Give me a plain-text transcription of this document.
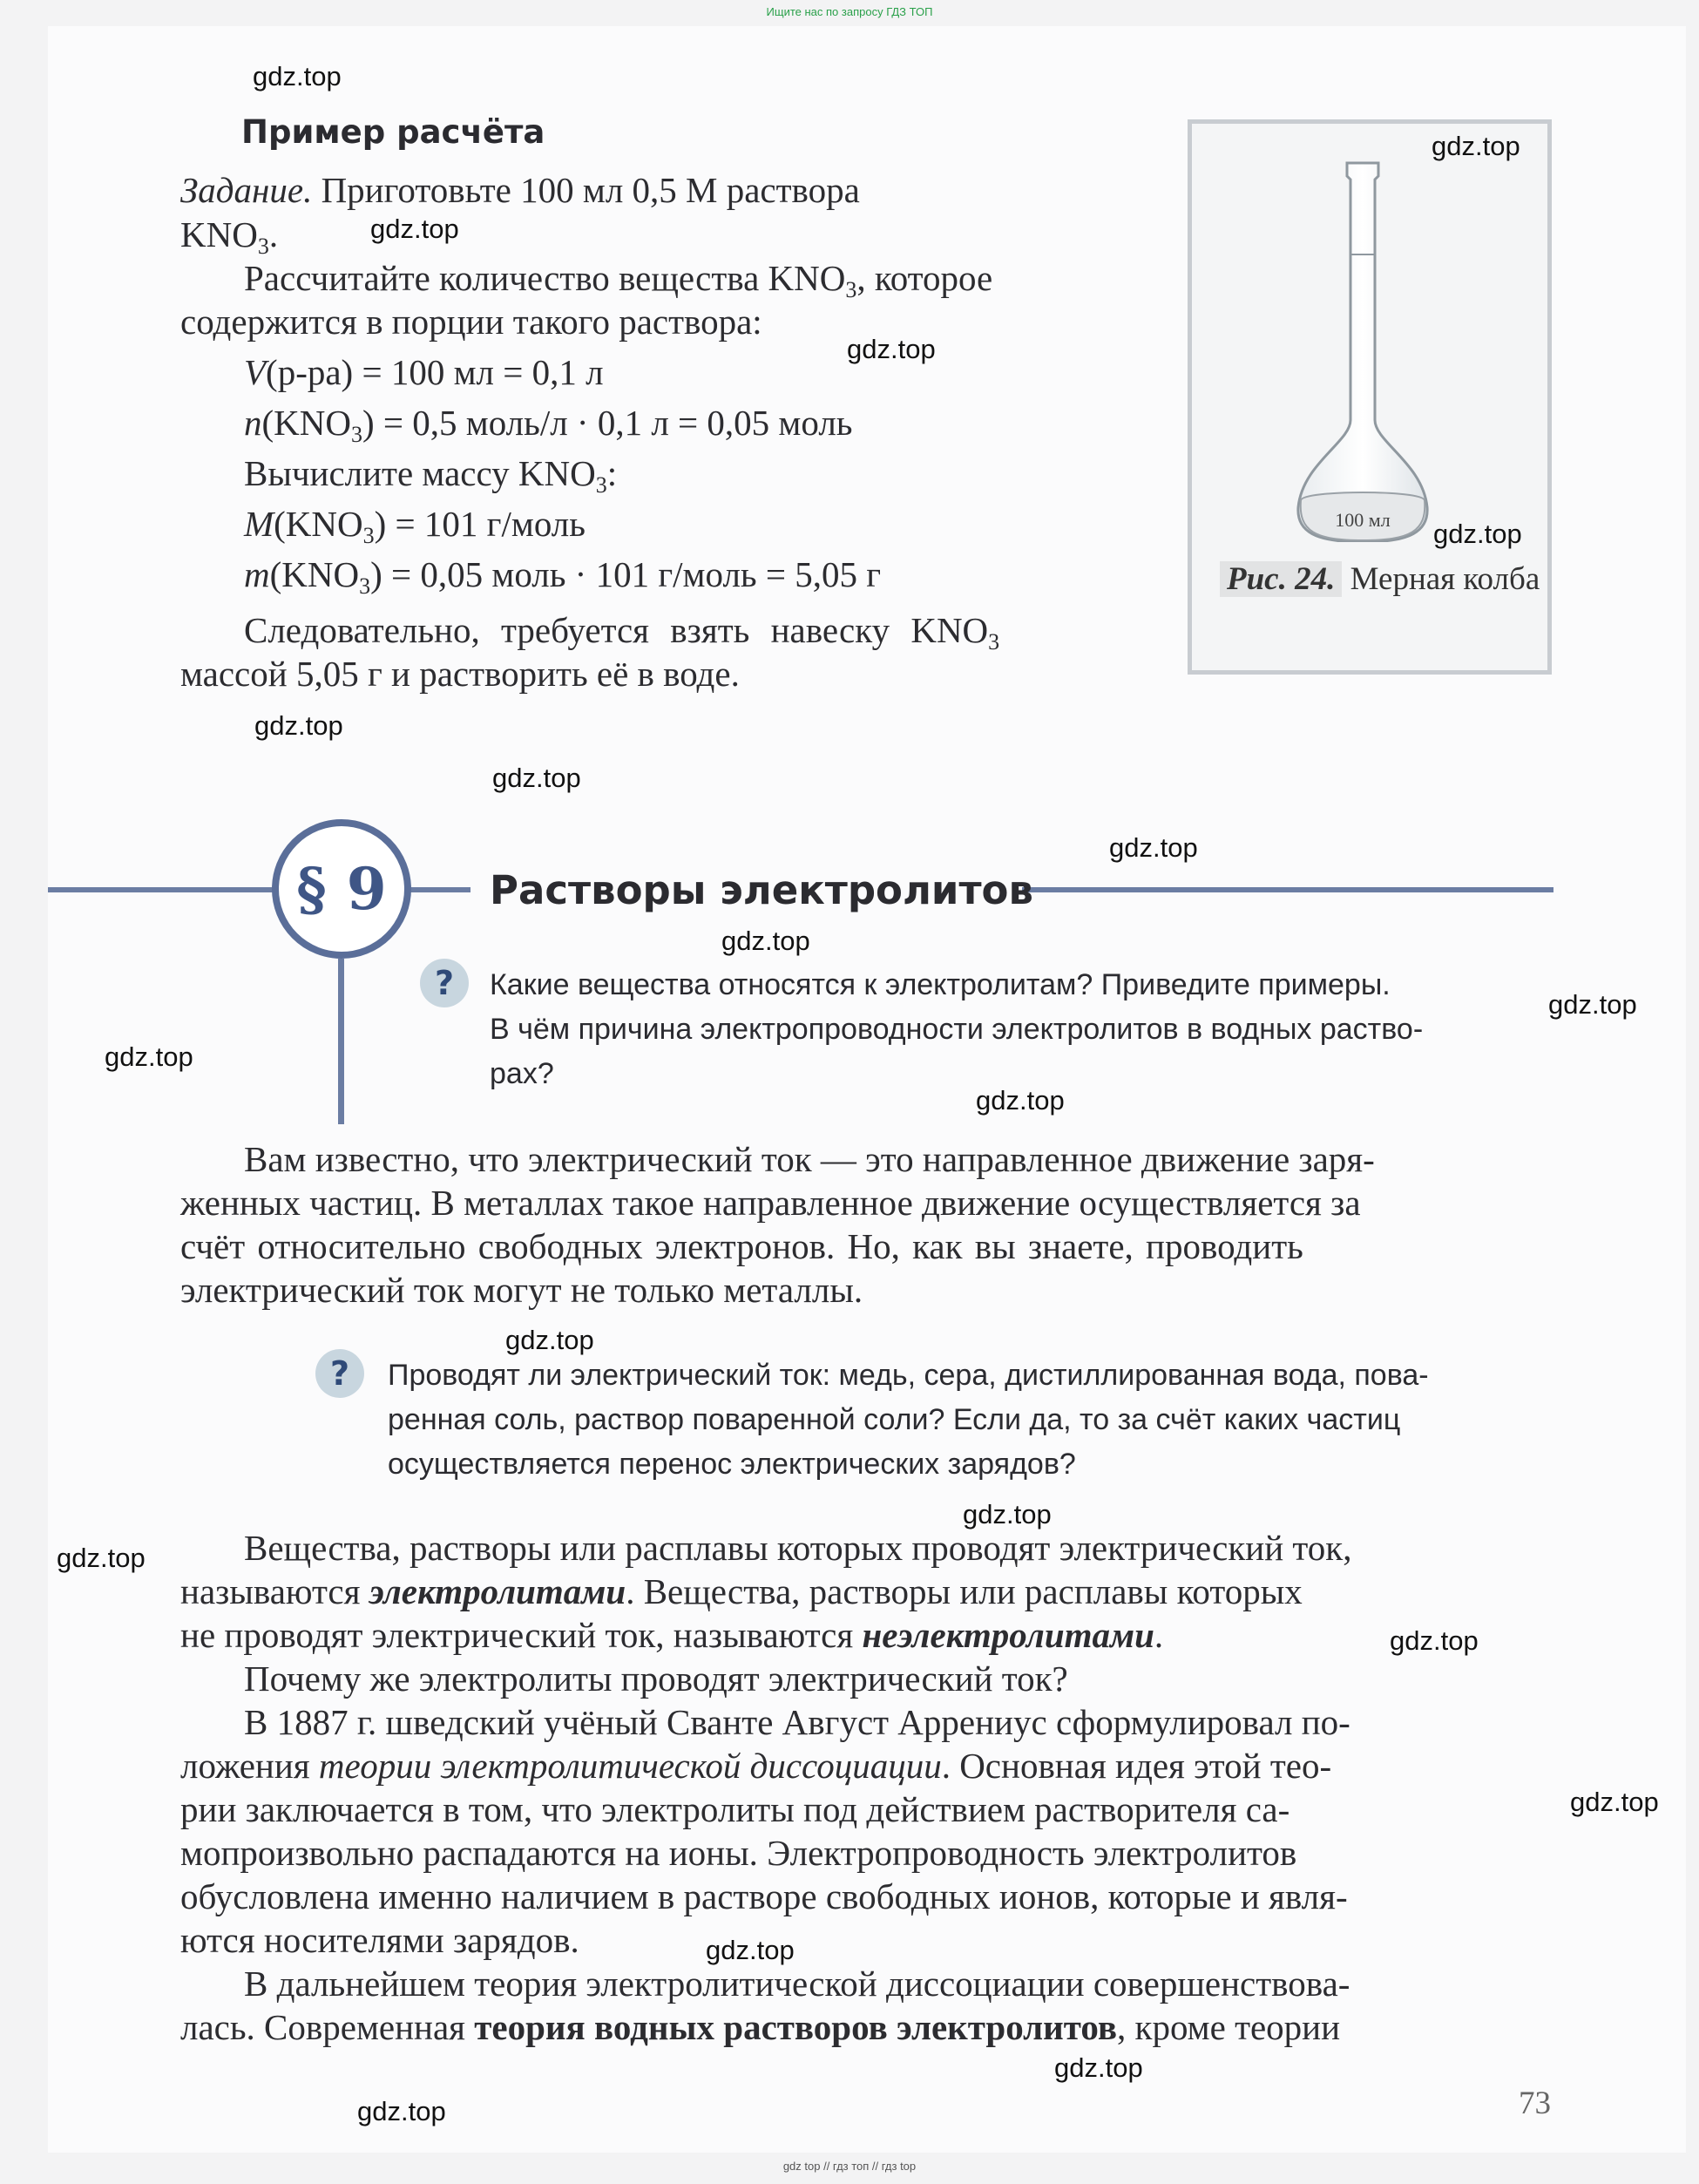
Ищите нас по запросу ГДЗ ТОП
Пример расчёта
Задание. Приготовьте 100 мл 0,5 М раствора
$KNO_3$.
Рассчитайте количество вещества $KNO_3$, которое
содержится в порции такого раствора:
V(р-ра) = 100 мл = 0,1 л
$n(KNO_3) = 0,5$ моль/л · 0,1 л = 0,05 моль
Вычислите массу $KNO_3$:
$M(KNO_3) = 101$ г/моль
$m(KNO_3) = 0,05$ моль · 101 г/моль = 5,05 г
Следовательно, требуется взять навеску $KNO_3$
массой 5,05 г и растворить её в воде.
100 мл
Рис. 24. Мерная колба
§ 9	Растворы электролитов
?	Какие вещества относятся к электролитам? Приведите примеры.
В чём причина электропроводности электролитов в водных раство-
рах?
Вам известно, что электрический ток — это направленное движение заря-
женных частиц. В металлах такое направленное движение осуществляется за
счёт относительно свободных электронов. Но, как вы знаете, проводить
электрический ток могут не только металлы.
?	Проводят ли электрический ток: медь, сера, дистиллированная вода, пова-
ренная соль, раствор поваренной соли? Если да, то за счёт каких частиц
осуществляется перенос электрических зарядов?
Вещества, растворы или расплавы которых проводят электрический ток,
называются электролитами. Вещества, растворы или расплавы которых
не проводят электрический ток, называются неэлектролитами.
Почему же электролиты проводят электрический ток?
В 1887 г. шведский учёный Сванте Август Аррениус сформулировал по-
ложения теории электролитической диссоциации. Основная идея этой тео-
рии заключается в том, что электролиты под действием растворителя са-
мопроизвольно распадаются на ионы. Электропроводность электролитов
обусловлена именно наличием в растворе свободных ионов, которые и явля-
ются носителями зарядов.
В дальнейшем теория электролитической диссоциации совершенствова-
лась. Современная теория водных растворов электролитов, кроме теории
73
gdz.top
gdz.top
gdz.top
gdz.top
gdz.top
gdz.top
gdz.top
gdz.top
gdz.top
gdz.top
gdz.top
gdz.top
gdz.top
gdz.top
gdz.top
gdz.top
gdz.top
gdz.top
gdz.top
gdz.top
gdz top // гдз топ // гдз top
